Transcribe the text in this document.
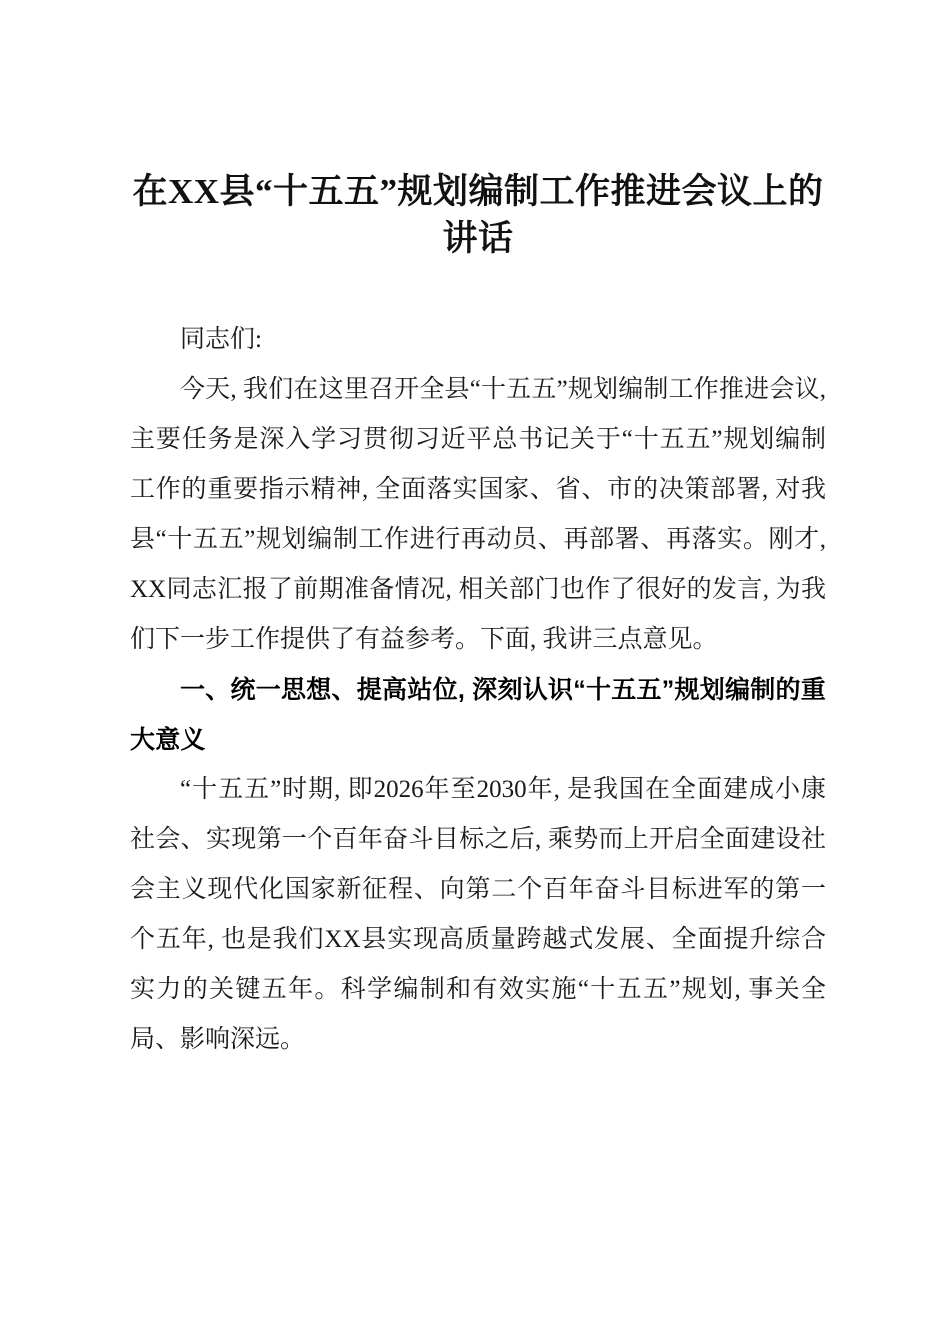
在XX县“十五五”规划编制工作推进会议上的讲话

同志们:

今天, 我们在这里召开全县“十五五”规划编制工作推进会议, 主要任务是深入学习贯彻习近平总书记关于“十五五”规划编制工作的重要指示精神, 全面落实国家、省、市的决策部署, 对我县“十五五”规划编制工作进行再动员、再部署、再落实。刚才, XX同志汇报了前期准备情况, 相关部门也作了很好的发言, 为我们下一步工作提供了有益参考。下面, 我讲三点意见。

一、统一思想、提高站位, 深刻认识“十五五”规划编制的重大意义

“十五五”时期, 即2026年至2030年, 是我国在全面建成小康社会、实现第一个百年奋斗目标之后, 乘势而上开启全面建设社会主义现代化国家新征程、向第二个百年奋斗目标进军的第一个五年, 也是我们XX县实现高质量跨越式发展、全面提升综合实力的关键五年。科学编制和有效实施“十五五”规划, 事关全局、影响深远。
